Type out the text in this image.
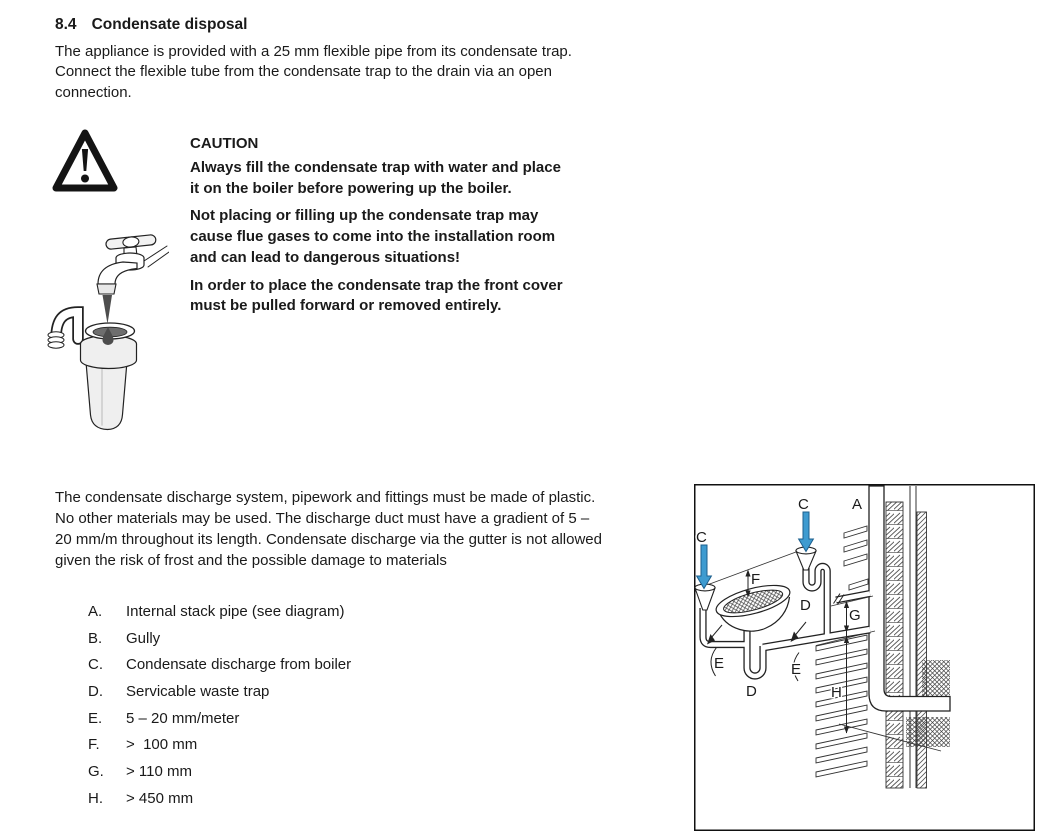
8.4 Condensate disposal

The appliance is provided with a 25 mm flexible pipe from its condensate trap. Connect the flexible tube from the condensate trap to the drain via an open connection.

CAUTION

Always fill the condensate trap with water and place it on the boiler before powering up the boiler.

Not placing or filling up the condensate trap may cause flue gases to come into the installation room and can lead to dangerous situations!

In order to place the condensate trap the front cover must be pulled forward or removed entirely.

The condensate discharge system, pipework and fittings must be made of plastic. No other materials may be used. The discharge duct must have a gradient of 5 – 20 mm/m throughout its length. Condensate discharge via the gutter is not allowed given the risk of frost and the possible damage to materials

A.	Internal stack pipe (see diagram)
B.	Gully
C.	Condensate discharge from boiler
D.	Servicable waste trap
E.	5 – 20 mm/meter
F.	>  100 mm
G.	> 110 mm
H.	> 450 mm
A
C
C
F
D
G
E
D
E
H
